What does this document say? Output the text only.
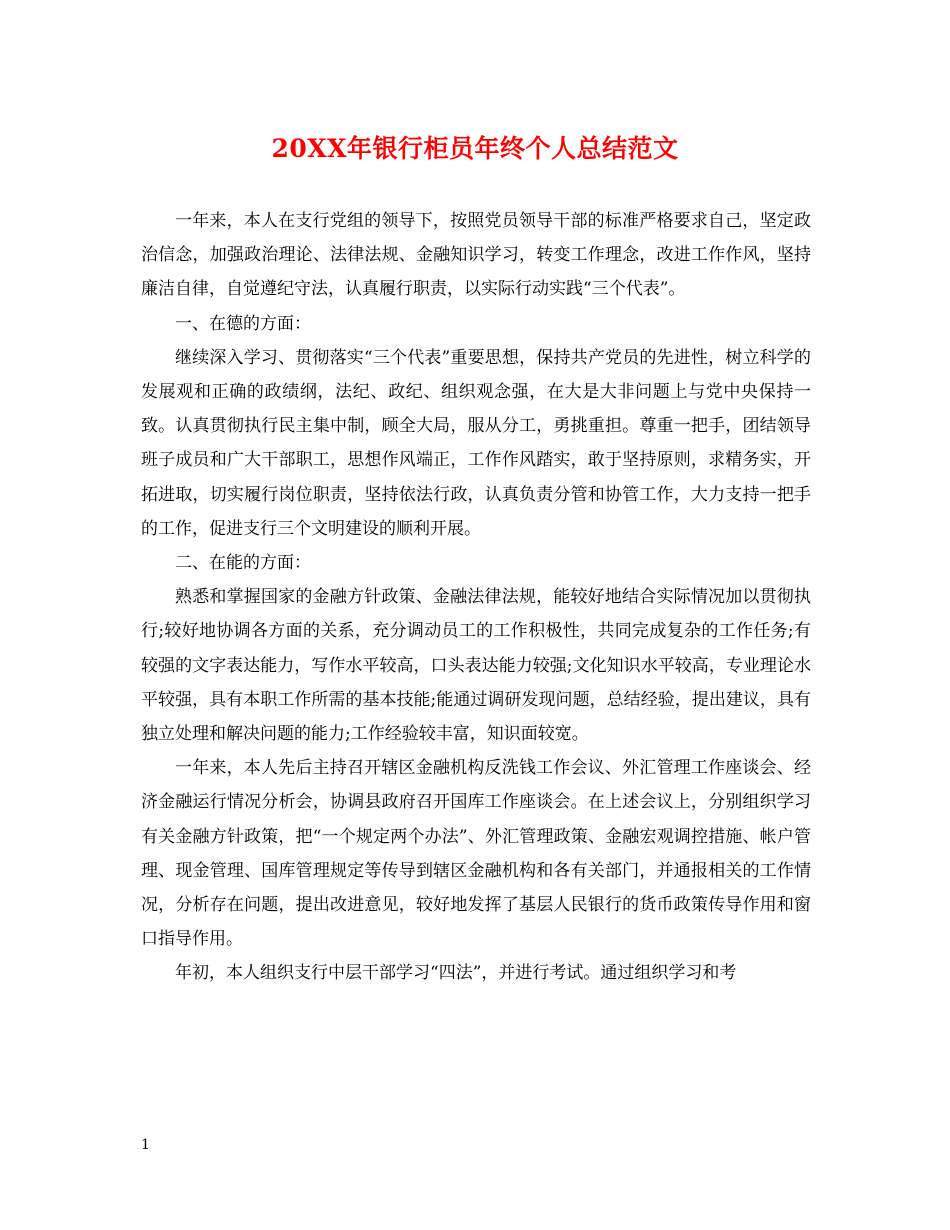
20XX年银行柜员年终个人总结范文

一年来，本人在支行党组的领导下，按照党员领导干部的标准严格要求自己，坚定政治信念，加强政治理论、法律法规、金融知识学习，转变工作理念，改进工作作风，坚持廉洁自律，自觉遵纪守法，认真履行职责，以实际行动实践“三个代表”。

一、在德的方面：

继续深入学习、贯彻落实“三个代表”重要思想，保持共产党员的先进性，树立科学的发展观和正确的政绩纲，法纪、政纪、组织观念强，在大是大非问题上与党中央保持一致。认真贯彻执行民主集中制，顾全大局，服从分工，勇挑重担。尊重一把手，团结领导班子成员和广大干部职工，思想作风端正，工作作风踏实，敢于坚持原则，求精务实，开拓进取，切实履行岗位职责，坚持依法行政，认真负责分管和协管工作，大力支持一把手的工作，促进支行三个文明建设的顺利开展。

二、在能的方面：

熟悉和掌握国家的金融方针政策、金融法律法规，能较好地结合实际情况加以贯彻执行;较好地协调各方面的关系，充分调动员工的工作积极性，共同完成复杂的工作任务;有较强的文字表达能力，写作水平较高，口头表达能力较强;文化知识水平较高，专业理论水平较强，具有本职工作所需的基本技能;能通过调研发现问题，总结经验，提出建议，具有独立处理和解决问题的能力;工作经验较丰富，知识面较宽。

一年来，本人先后主持召开辖区金融机构反洗钱工作会议、外汇管理工作座谈会、经济金融运行情况分析会，协调县政府召开国库工作座谈会。在上述会议上，分别组织学习有关金融方针政策，把“一个规定两个办法”、外汇管理政策、金融宏观调控措施、帐户管理、现金管理、国库管理规定等传导到辖区金融机构和各有关部门，并通报相关的工作情况，分析存在问题，提出改进意见，较好地发挥了基层人民银行的货币政策传导作用和窗口指导作用。

年初，本人组织支行中层干部学习“四法”，并进行考试。通过组织学习和考

1
